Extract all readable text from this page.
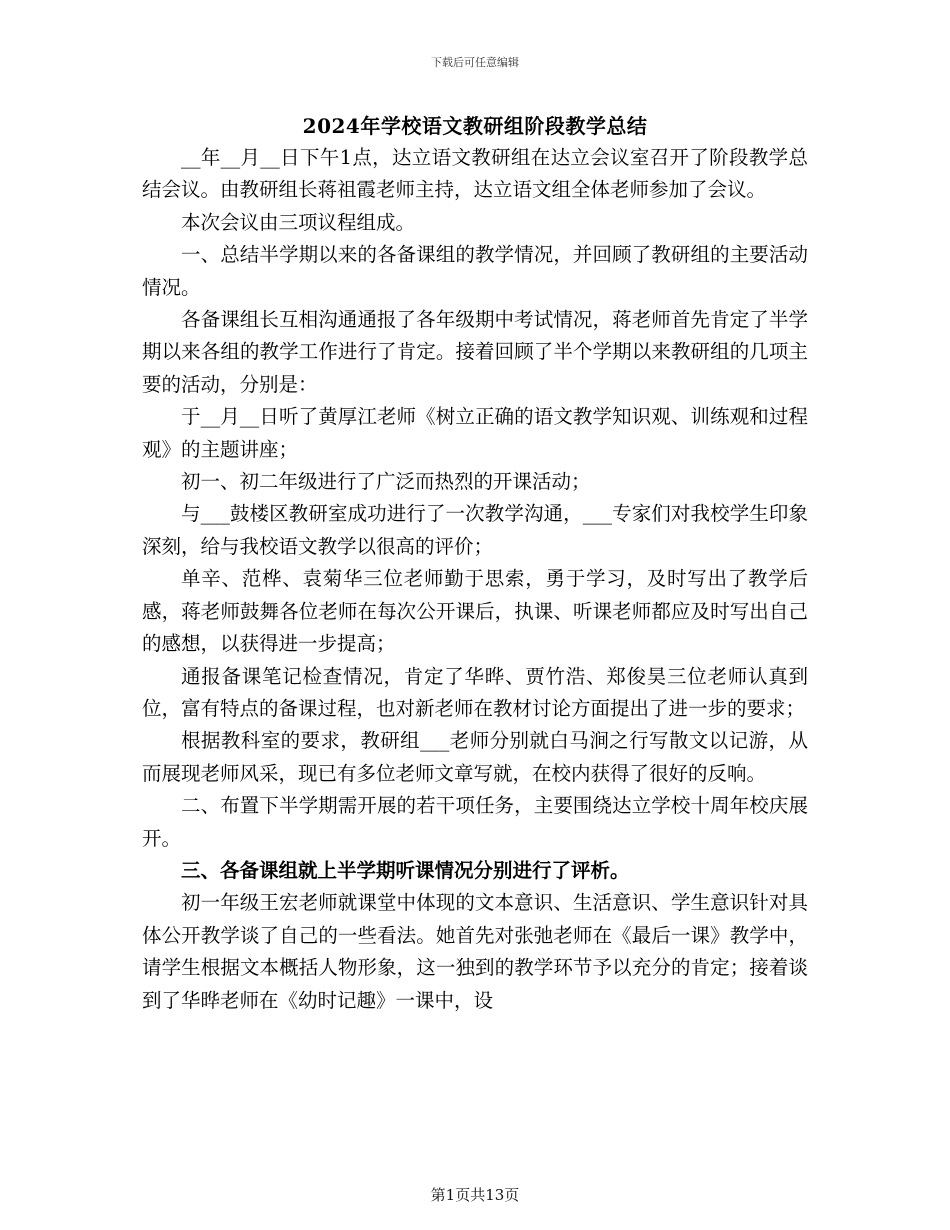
下载后可任意编辑
2024年学校语文教研组阶段教学总结

__年__月__日下午1点，达立语文教研组在达立会议室召开了阶段教学总结会议。由教研组长蒋祖霞老师主持，达立语文组全体老师参加了会议。

本次会议由三项议程组成。

一、总结半学期以来的各备课组的教学情况，并回顾了教研组的主要活动情况。

各备课组长互相沟通通报了各年级期中考试情况，蒋老师首先肯定了半学期以来各组的教学工作进行了肯定。接着回顾了半个学期以来教研组的几项主要的活动，分别是：

于__月__日听了黄厚江老师《树立正确的语文教学知识观、训练观和过程观》的主题讲座；

初一、初二年级进行了广泛而热烈的开课活动；

与___鼓楼区教研室成功进行了一次教学沟通，___专家们对我校学生印象深刻，给与我校语文教学以很高的评价；

单辛、范桦、袁菊华三位老师勤于思索，勇于学习，及时写出了教学后感，蒋老师鼓舞各位老师在每次公开课后，执课、听课老师都应及时写出自己的感想，以获得进一步提高；

通报备课笔记检查情况，肯定了华晔、贾竹浩、郑俊昊三位老师认真到位，富有特点的备课过程，也对新老师在教材讨论方面提出了进一步的要求；

根据教科室的要求，教研组___老师分别就白马涧之行写散文以记游，从而展现老师风采，现已有多位老师文章写就，在校内获得了很好的反响。

二、布置下半学期需开展的若干项任务，主要围绕达立学校十周年校庆展开。

三、各备课组就上半学期听课情况分别进行了评析。

初一年级王宏老师就课堂中体现的文本意识、生活意识、学生意识针对具体公开教学谈了自己的一些看法。她首先对张弛老师在《最后一课》教学中，请学生根据文本概括人物形象，这一独到的教学环节予以充分的肯定；接着谈到了华晔老师在《幼时记趣》一课中，设

第1页共13页
